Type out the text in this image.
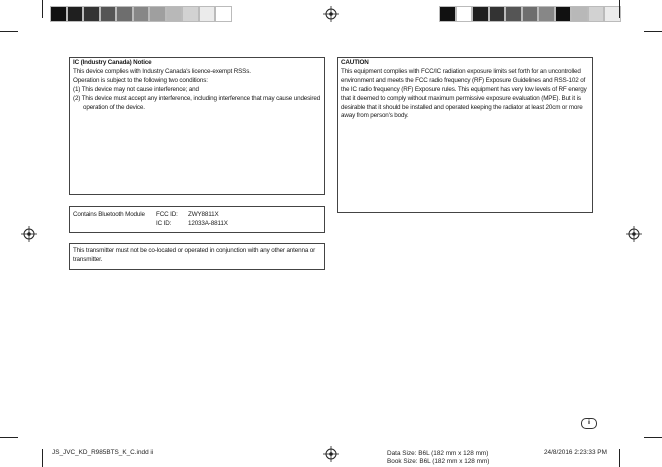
IC (Industry Canada) Notice
This device complies with Industry Canada's licence-exempt RSSs.
Operation is subject to the following two conditions:
(1) This device may not cause interference; and
(2) This device must accept any interference, including interference that may cause undesired operation of the device.
Contains Bluetooth Module FCC ID: ZWY8811X
IC ID:	12033A-8811X
This transmitter must not be co-located or operated in conjunction with any other antenna or transmitter.
CAUTION
This equipment complies with FCC/IC radiation exposure limits set forth for an uncontrolled environment and meets the FCC radio frequency (RF) Exposure Guidelines and RSS-102 of the IC radio frequency (RF) Exposure rules. This equipment has very low levels of RF energy that it deemed to comply without maximum permissive exposure evaluation (MPE). But it is desirable that it should be installed and operated keeping the radiator at least 20cm or more away from person's body.
ii
JS_JVC_KD_R985BTS_K_C.indd ii	Data Size: B6L (182 mm x 128 mm)
Book Size: B6L (182 mm x 128 mm)
24/8/2016 2:23:33 PM
